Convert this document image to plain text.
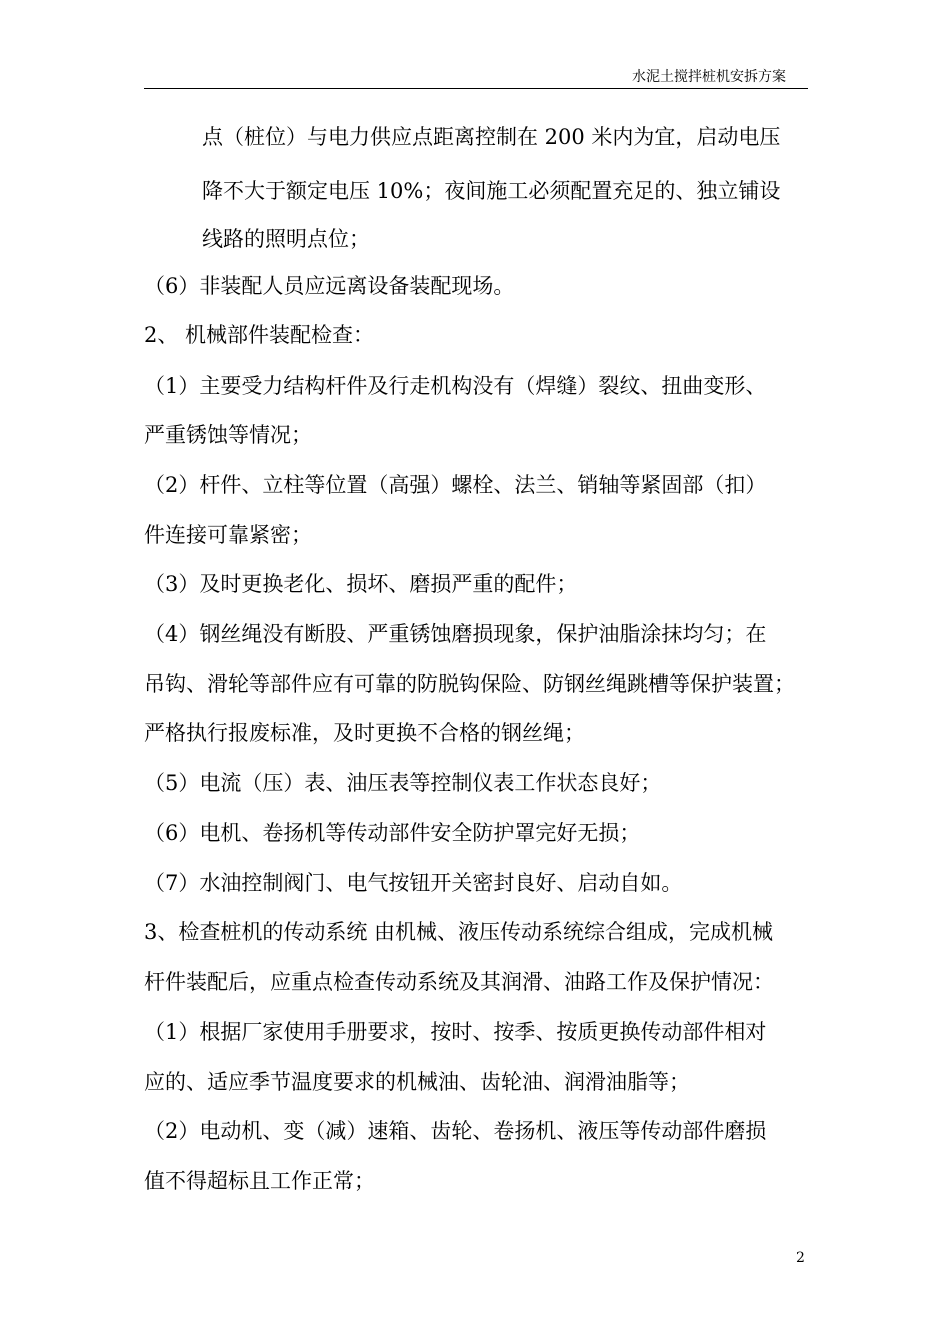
水泥土搅拌桩机安拆方案
点（桩位）与电力供应点距离控制在 200 米内为宜，启动电压
降不大于额定电压 10%；夜间施工必须配置充足的、独立铺设
线路的照明点位；
（6）非装配人员应远离设备装配现场。
2、 机械部件装配检查：
（1）主要受力结构杆件及行走机构没有（焊缝）裂纹、扭曲变形、
严重锈蚀等情况；
（2）杆件、立柱等位置（高强）螺栓、法兰、销轴等紧固部（扣）
件连接可靠紧密；
（3）及时更换老化、损坏、磨损严重的配件；
（4）钢丝绳没有断股、严重锈蚀磨损现象，保护油脂涂抹均匀；在
吊钩、滑轮等部件应有可靠的防脱钩保险、防钢丝绳跳槽等保护装置；
严格执行报废标准，及时更换不合格的钢丝绳；
（5）电流（压）表、油压表等控制仪表工作状态良好；
（6）电机、卷扬机等传动部件安全防护罩完好无损；
（7）水油控制阀门、电气按钮开关密封良好、启动自如。
3、检查桩机的传动系统 由机械、液压传动系统综合组成，完成机械
杆件装配后，应重点检查传动系统及其润滑、油路工作及保护情况：
（1）根据厂家使用手册要求，按时、按季、按质更换传动部件相对
应的、适应季节温度要求的机械油、齿轮油、润滑油脂等；
（2）电动机、变（减）速箱、齿轮、卷扬机、液压等传动部件磨损
值不得超标且工作正常；
2
